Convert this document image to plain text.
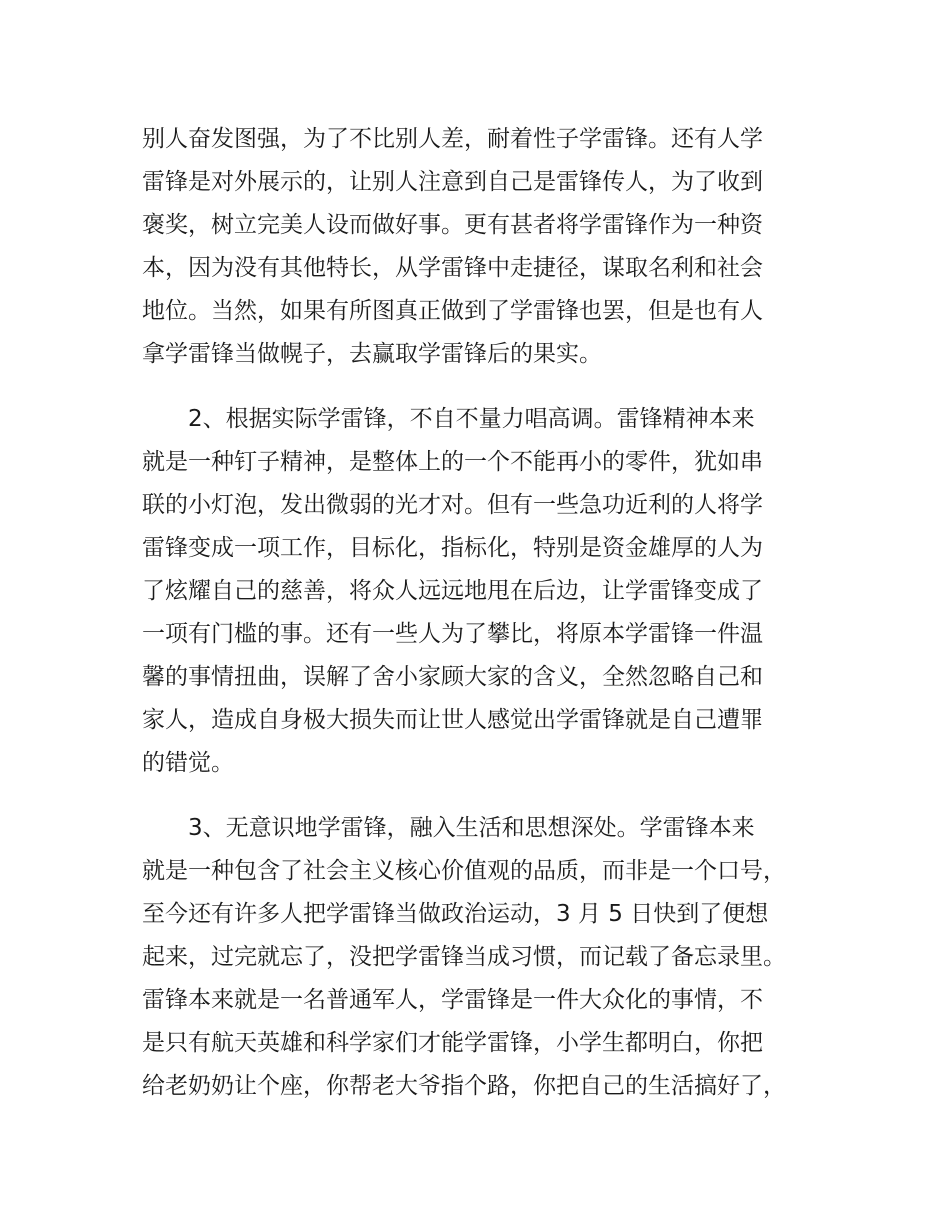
别人奋发图强，为了不比别人差，耐着性子学雷锋。还有人学
雷锋是对外展示的，让别人注意到自己是雷锋传人，为了收到
褒奖，树立完美人设而做好事。更有甚者将学雷锋作为一种资
本，因为没有其他特长，从学雷锋中走捷径，谋取名利和社会
地位。当然，如果有所图真正做到了学雷锋也罢，但是也有人
拿学雷锋当做幌子，去赢取学雷锋后的果实。
　　2、根据实际学雷锋，不自不量力唱高调。雷锋精神本来
就是一种钉子精神，是整体上的一个不能再小的零件，犹如串
联的小灯泡，发出微弱的光才对。但有一些急功近利的人将学
雷锋变成一项工作，目标化，指标化，特别是资金雄厚的人为
了炫耀自己的慈善，将众人远远地甩在后边，让学雷锋变成了
一项有门槛的事。还有一些人为了攀比，将原本学雷锋一件温
馨的事情扭曲，误解了舍小家顾大家的含义，全然忽略自己和
家人，造成自身极大损失而让世人感觉出学雷锋就是自己遭罪
的错觉。
　　3、无意识地学雷锋，融入生活和思想深处。学雷锋本来
就是一种包含了社会主义核心价值观的品质，而非是一个口号，
至今还有许多人把学雷锋当做政治运动，3 月 5 日快到了便想
起来，过完就忘了，没把学雷锋当成习惯，而记载了备忘录里。
雷锋本来就是一名普通军人，学雷锋是一件大众化的事情，不
是只有航天英雄和科学家们才能学雷锋，小学生都明白，你把
给老奶奶让个座，你帮老大爷指个路，你把自己的生活搞好了，
